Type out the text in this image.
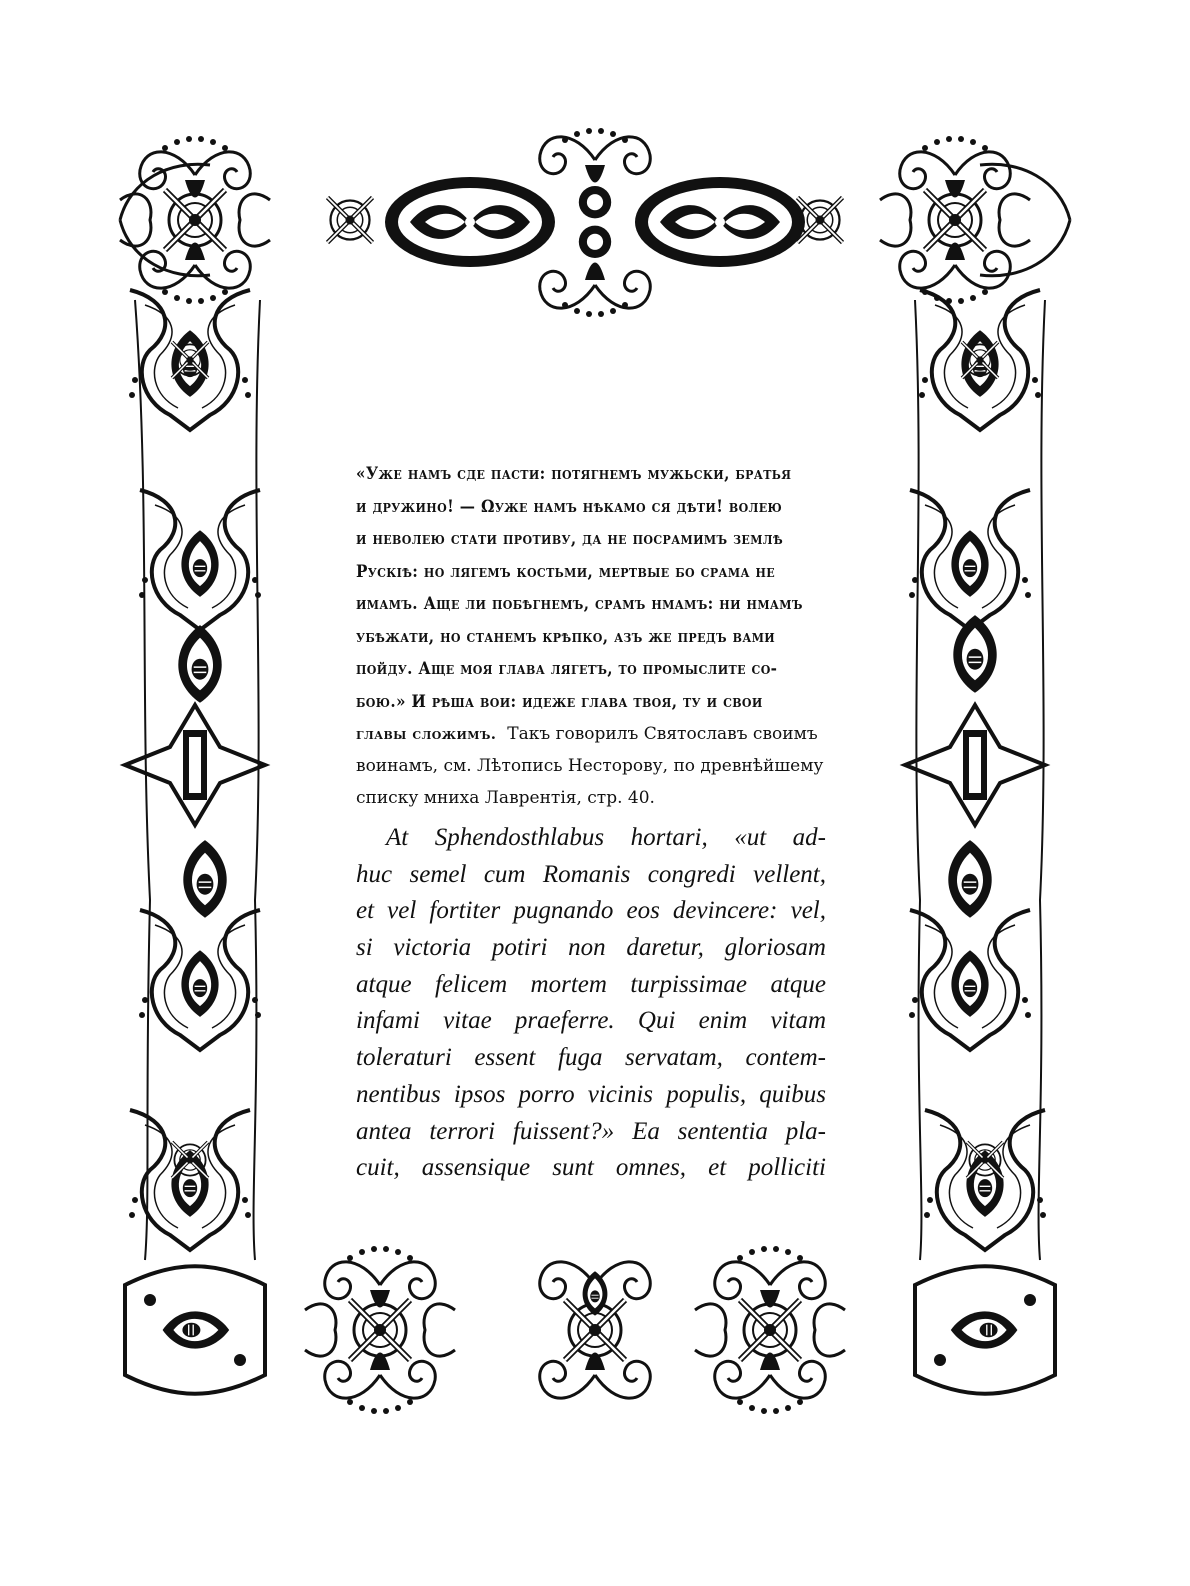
«Уже намъ сде пасти: потягнемъ мужьски, братья
и дружино! — Ωуже намъ нѣкамо ся дѣти! волею
и неволею стати противу, да не посрамимъ землѣ
Рускiѣ: но лягемъ костьми, мертвые бо срама не
имамъ. Аще ли побѣгнемъ, срамъ нмамъ: ни нмамъ
убѣжати, но станемъ крѣпко, азъ же предъ вами
пойду. Аще моя глава лягетъ, то промыслите со-
бою.» И рѣша вои: идеже глава твоя, ту и свои
главы сложимъ. Такъ говорилъ Святославъ своимъ
воинамъ, см. Лѣтопись Несторову, по древнѣйшему
списку мниха Лаврентiя, стр. 40.
At Sphendosthlabus hortari, «ut ad-
huc semel cum Romanis congredi vellent,
et vel fortiter pugnando eos devincere: vel,
si victoria potiri non daretur, gloriosam
atque felicem mortem turpissimae atque
infami vitae praeferre. Qui enim vitam
toleraturi essent fuga servatam, contem-
nentibus ipsos porro vicinis populis, quibus
antea terrori fuissent?» Ea sententia pla-
cuit, assensique sunt omnes, et polliciti
